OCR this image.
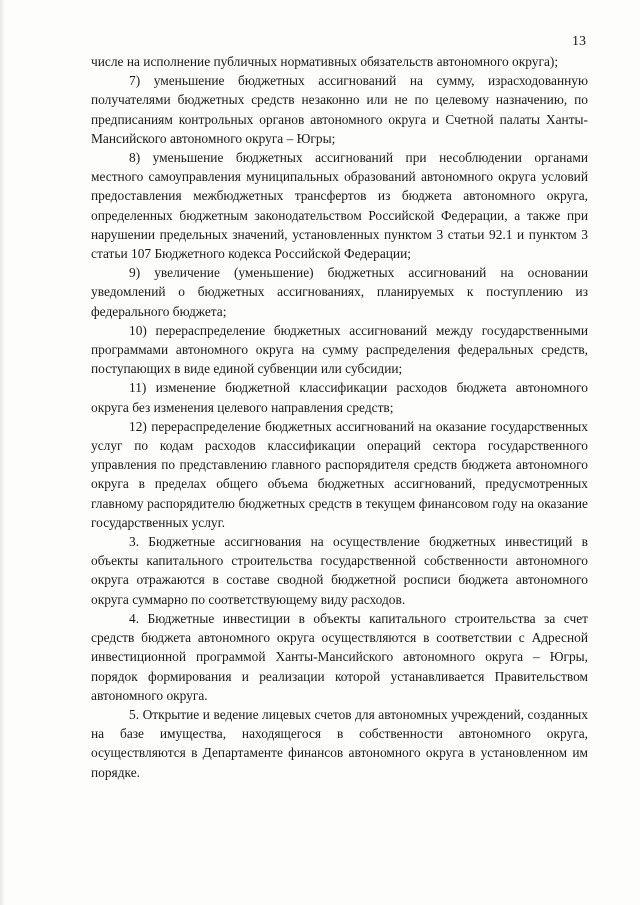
13

числе на исполнение публичных нормативных обязательств автономного округа);

7) уменьшение бюджетных ассигнований на сумму, израсходованную получателями бюджетных средств незаконно или не по целевому назначению, по предписаниям контрольных органов автономного округа и Счетной палаты Ханты-Мансийского автономного округа – Югры;

8) уменьшение бюджетных ассигнований при несоблюдении органами местного самоуправления муниципальных образований автономного округа условий предоставления межбюджетных трансфертов из бюджета автономного округа, определенных бюджетным законодательством Российской Федерации, а также при нарушении предельных значений, установленных пунктом 3 статьи 92.1 и пунктом 3 статьи 107 Бюджетного кодекса Российской Федерации;

9) увеличение (уменьшение) бюджетных ассигнований на основании уведомлений о бюджетных ассигнованиях, планируемых к поступлению из федерального бюджета;

10) перераспределение бюджетных ассигнований между государственными программами автономного округа на сумму распределения федеральных средств, поступающих в виде единой субвенции или субсидии;

11) изменение бюджетной классификации расходов бюджета автономного округа без изменения целевого направления средств;

12) перераспределение бюджетных ассигнований на оказание государственных услуг по кодам расходов классификации операций сектора государственного управления по представлению главного распорядителя средств бюджета автономного округа в пределах общего объема бюджетных ассигнований, предусмотренных главному распорядителю бюджетных средств в текущем финансовом году на оказание государственных услуг.

3. Бюджетные ассигнования на осуществление бюджетных инвестиций в объекты капитального строительства государственной собственности автономного округа отражаются в составе сводной бюджетной росписи бюджета автономного округа суммарно по соответствующему виду расходов.

4. Бюджетные инвестиции в объекты капитального строительства за счет средств бюджета автономного округа осуществляются в соответствии с Адресной инвестиционной программой Ханты-Мансийского автономного округа – Югры, порядок формирования и реализации которой устанавливается Правительством автономного округа.

5. Открытие и ведение лицевых счетов для автономных учреждений, созданных на базе имущества, находящегося в собственности автономного округа, осуществляются в Департаменте финансов автономного округа в установленном им порядке.
